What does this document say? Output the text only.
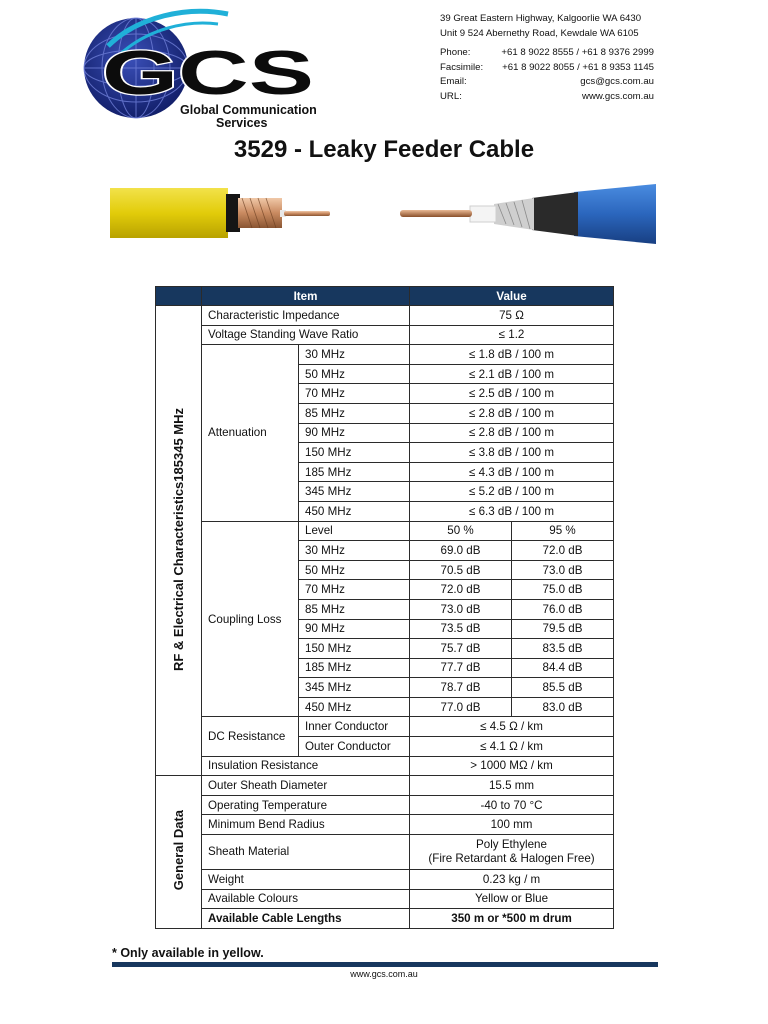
GCS
Global Communication
Services
39 Great Eastern Highway, Kalgoorlie WA 6430
Unit 9 524 Abernethy Road, Kewdale WA 6105
Phone:	+61 8 9022 8555 / +61 8 9376 2999
Facsimile: +61 8 9022 8055 / +61 8 9353 1145
Email:	gcs@gcs.com.au
URL:	www.gcs.com.au
3529 - Leaky Feeder Cable
	Item		Value	
RF & Electrical Characteristics185345 MHz	Characteristic Impedance		75 Ω	
	Voltage Standing Wave Ratio		≤ 1.2	
	Attenuation	30 MHz	≤ 1.8 dB / 100 m	
		50 MHz	≤ 2.1 dB / 100 m	
		70 MHz	≤ 2.5 dB / 100 m	
		85 MHz	≤ 2.8 dB / 100 m	
		90 MHz	≤ 2.8 dB / 100 m	
		150 MHz	≤ 3.8 dB / 100 m	
		185 MHz	≤ 4.3 dB / 100 m	
		345 MHz	≤ 5.2 dB / 100 m	
		450 MHz	≤ 6.3 dB / 100 m	
	Coupling Loss	Level	50 %	95 %
		30 MHz	69.0 dB	72.0 dB
		50 MHz	70.5 dB	73.0 dB
		70 MHz	72.0 dB	75.0 dB
		85 MHz	73.0 dB	76.0 dB
		90 MHz	73.5 dB	79.5 dB
		150 MHz	75.7 dB	83.5 dB
		185 MHz	77.7 dB	84.4 dB
		345 MHz	78.7 dB	85.5 dB
		450 MHz	77.0 dB	83.0 dB
	DC Resistance	Inner Conductor	≤ 4.5 Ω / km	
		Outer Conductor	≤ 4.1 Ω / km	
	Insulation Resistance		> 1000 MΩ / km	
General Data	Outer Sheath Diameter		15.5 mm	
	Operating Temperature		-40 to 70 °C	
	Minimum Bend Radius		100 mm	
	Sheath Material		Poly Ethylene
(Fire Retardant & Halogen Free)	

	Weight		0.23 kg / m	
	Available Colours		Yellow or Blue	
	Available Cable Lengths		350 m or *500 m drum	
* Only available in yellow.
www.gcs.com.au
